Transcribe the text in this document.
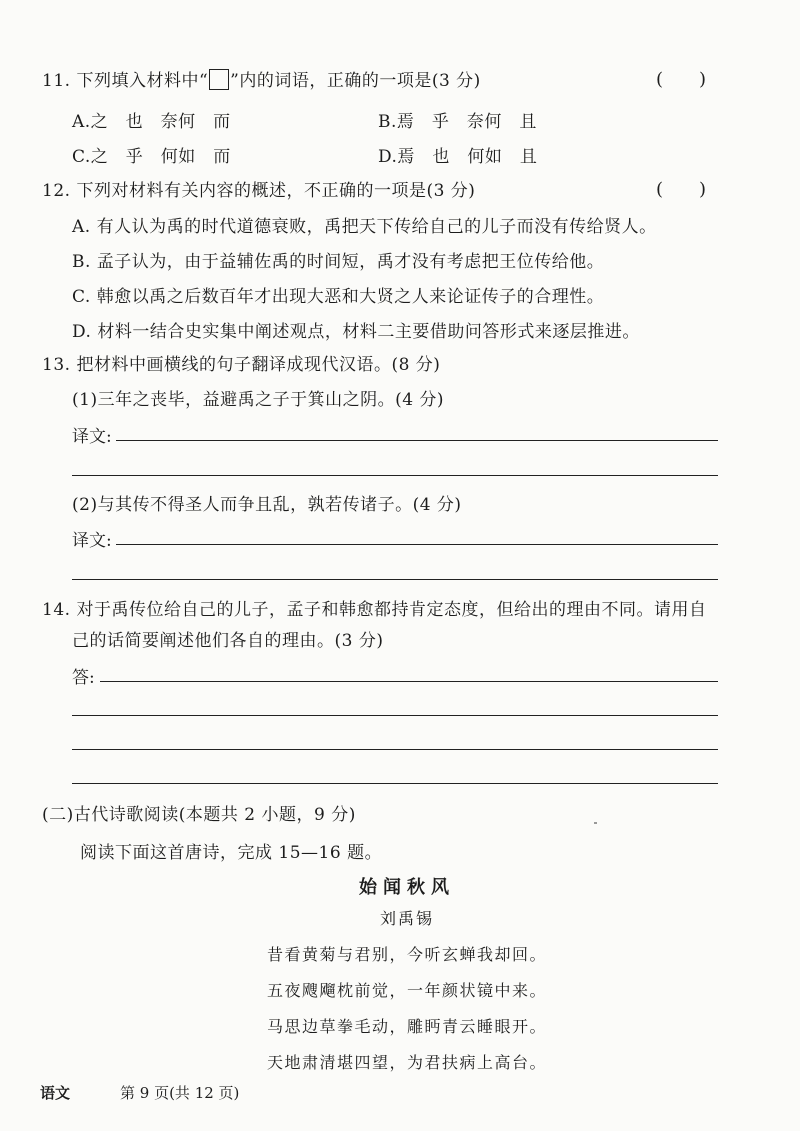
11. 下列填入材料中“ ”内的词语，正确的一项是(3 分)	(　　)
A.之　也　奈何　而	B.焉　乎　奈何　且
C.之　乎　何如　而	D.焉　也　何如　且
12. 下列对材料有关内容的概述，不正确的一项是(3 分)	(　　)
A. 有人认为禹的时代道德衰败，禹把天下传给自己的儿子而没有传给贤人。
B. 孟子认为，由于益辅佐禹的时间短，禹才没有考虑把王位传给他。
C. 韩愈以禹之后数百年才出现大恶和大贤之人来论证传子的合理性。
D. 材料一结合史实集中阐述观点，材料二主要借助问答形式来逐层推进。
13. 把材料中画横线的句子翻译成现代汉语。(8 分)
(1)三年之丧毕，益避禹之子于箕山之阴。(4 分)
译文:
(2)与其传不得圣人而争且乱，孰若传诸子。(4 分)
译文:
14. 对于禹传位给自己的儿子，孟子和韩愈都持肯定态度，但给出的理由不同。请用自
己的话简要阐述他们各自的理由。(3 分)
答:
(二)古代诗歌阅读(本题共 2 小题，9 分)
阅读下面这首唐诗，完成 15—16 题。
始闻秋风
刘禹锡
昔看黄菊与君别，今听玄蝉我却回。
五夜飕飗枕前觉，一年颜状镜中来。
马思边草拳毛动，雕眄青云睡眼开。
天地肃清堪四望，为君扶病上高台。
语文	第 9 页(共 12 页)
